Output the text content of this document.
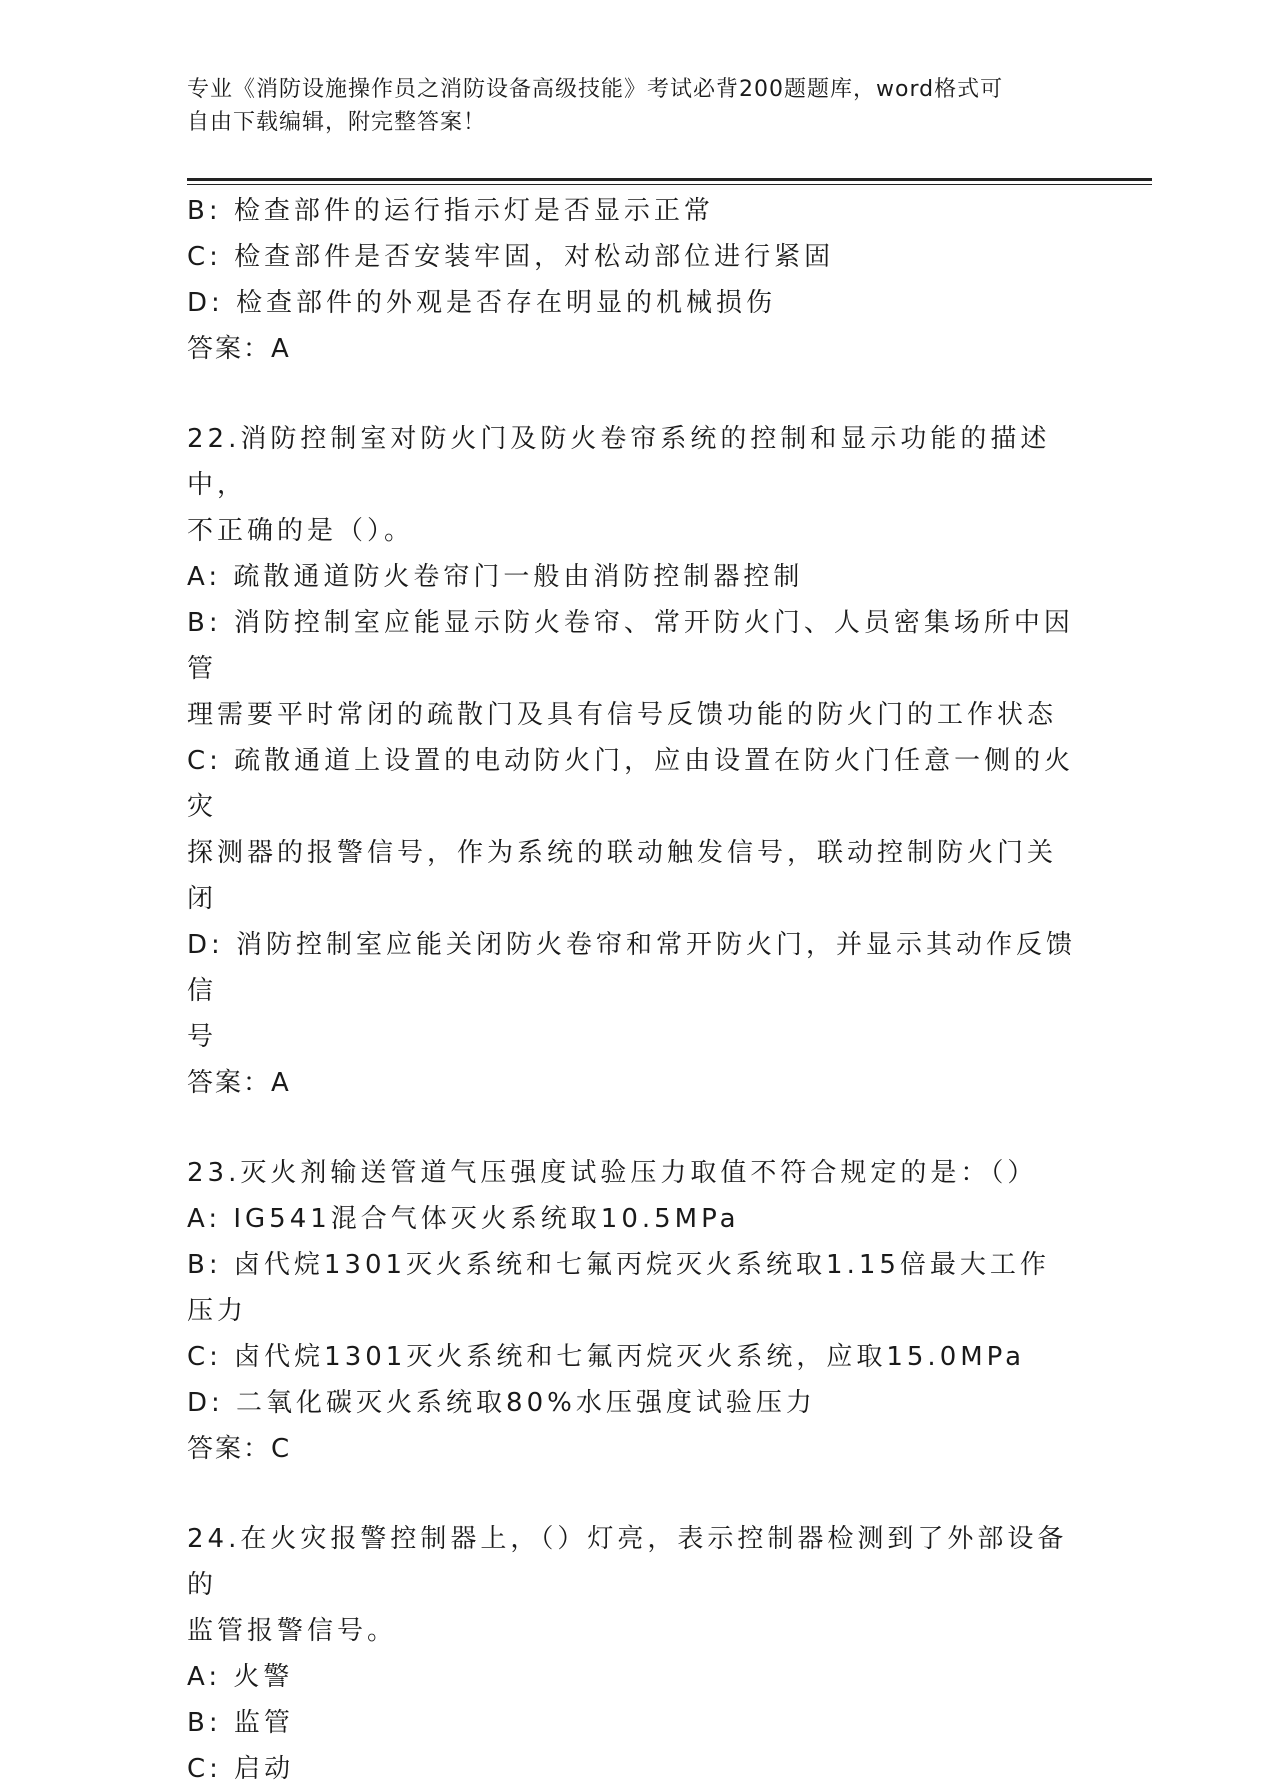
专业《消防设施操作员之消防设备高级技能》考试必背200题题库，word格式可
自由下载编辑，附完整答案！
B: 检查部件的运行指示灯是否显示正常
C: 检查部件是否安装牢固，对松动部位进行紧固
D: 检查部件的外观是否存在明显的机械损伤
答案：A
22.消防控制室对防火门及防火卷帘系统的控制和显示功能的描述中，
不正确的是（）。
A: 疏散通道防火卷帘门一般由消防控制器控制
B: 消防控制室应能显示防火卷帘、常开防火门、人员密集场所中因管
理需要平时常闭的疏散门及具有信号反馈功能的防火门的工作状态
C: 疏散通道上设置的电动防火门，应由设置在防火门任意一侧的火灾
探测器的报警信号，作为系统的联动触发信号，联动控制防火门关闭
D: 消防控制室应能关闭防火卷帘和常开防火门，并显示其动作反馈信
号
答案：A
23.灭火剂输送管道气压强度试验压力取值不符合规定的是：（）
A: IG541混合气体灭火系统取10.5MPa
B: 卤代烷1301灭火系统和七氟丙烷灭火系统取1.15倍最大工作压力
C: 卤代烷1301灭火系统和七氟丙烷灭火系统，应取15.0MPa
D: 二氧化碳灭火系统取80%水压强度试验压力
答案：C
24.在火灾报警控制器上，（）灯亮，表示控制器检测到了外部设备的
监管报警信号。
A: 火警
B: 监管
C: 启动
